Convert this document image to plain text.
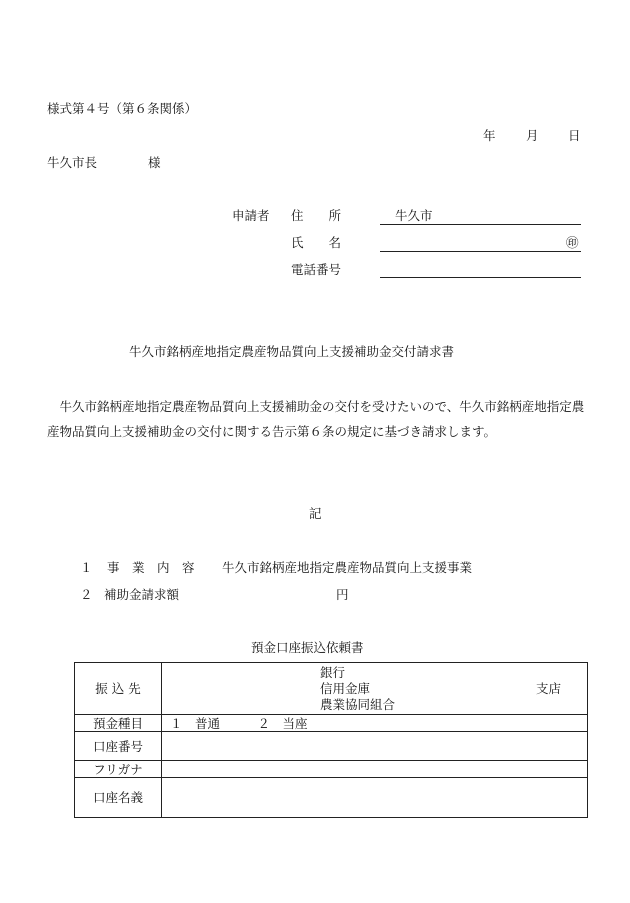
様式第４号（第６条関係）
年 月 日
牛久市長	様
申請者 住　　所	牛久市
氏　　名	㊞
電話番号
牛久市銘柄産地指定農産物品質向上支援補助金交付請求書
　牛久市銘柄産地指定農産物品質向上支援補助金の交付を受けたいので、牛久市銘柄産地指定農産物品質向上支援補助金の交付に関する告示第６条の規定に基づき請求します。
記
１ 事　業　内　容 牛久市銘柄産地指定農産物品質向上支援事業
２ 補助金請求額	円
預金口座振込依頼書
振 込 先	銀行
信用金庫
農業協同組合
支店

預金種目	１　普通　　　２　当座
口座番号	
フリガナ	
口座名義	
